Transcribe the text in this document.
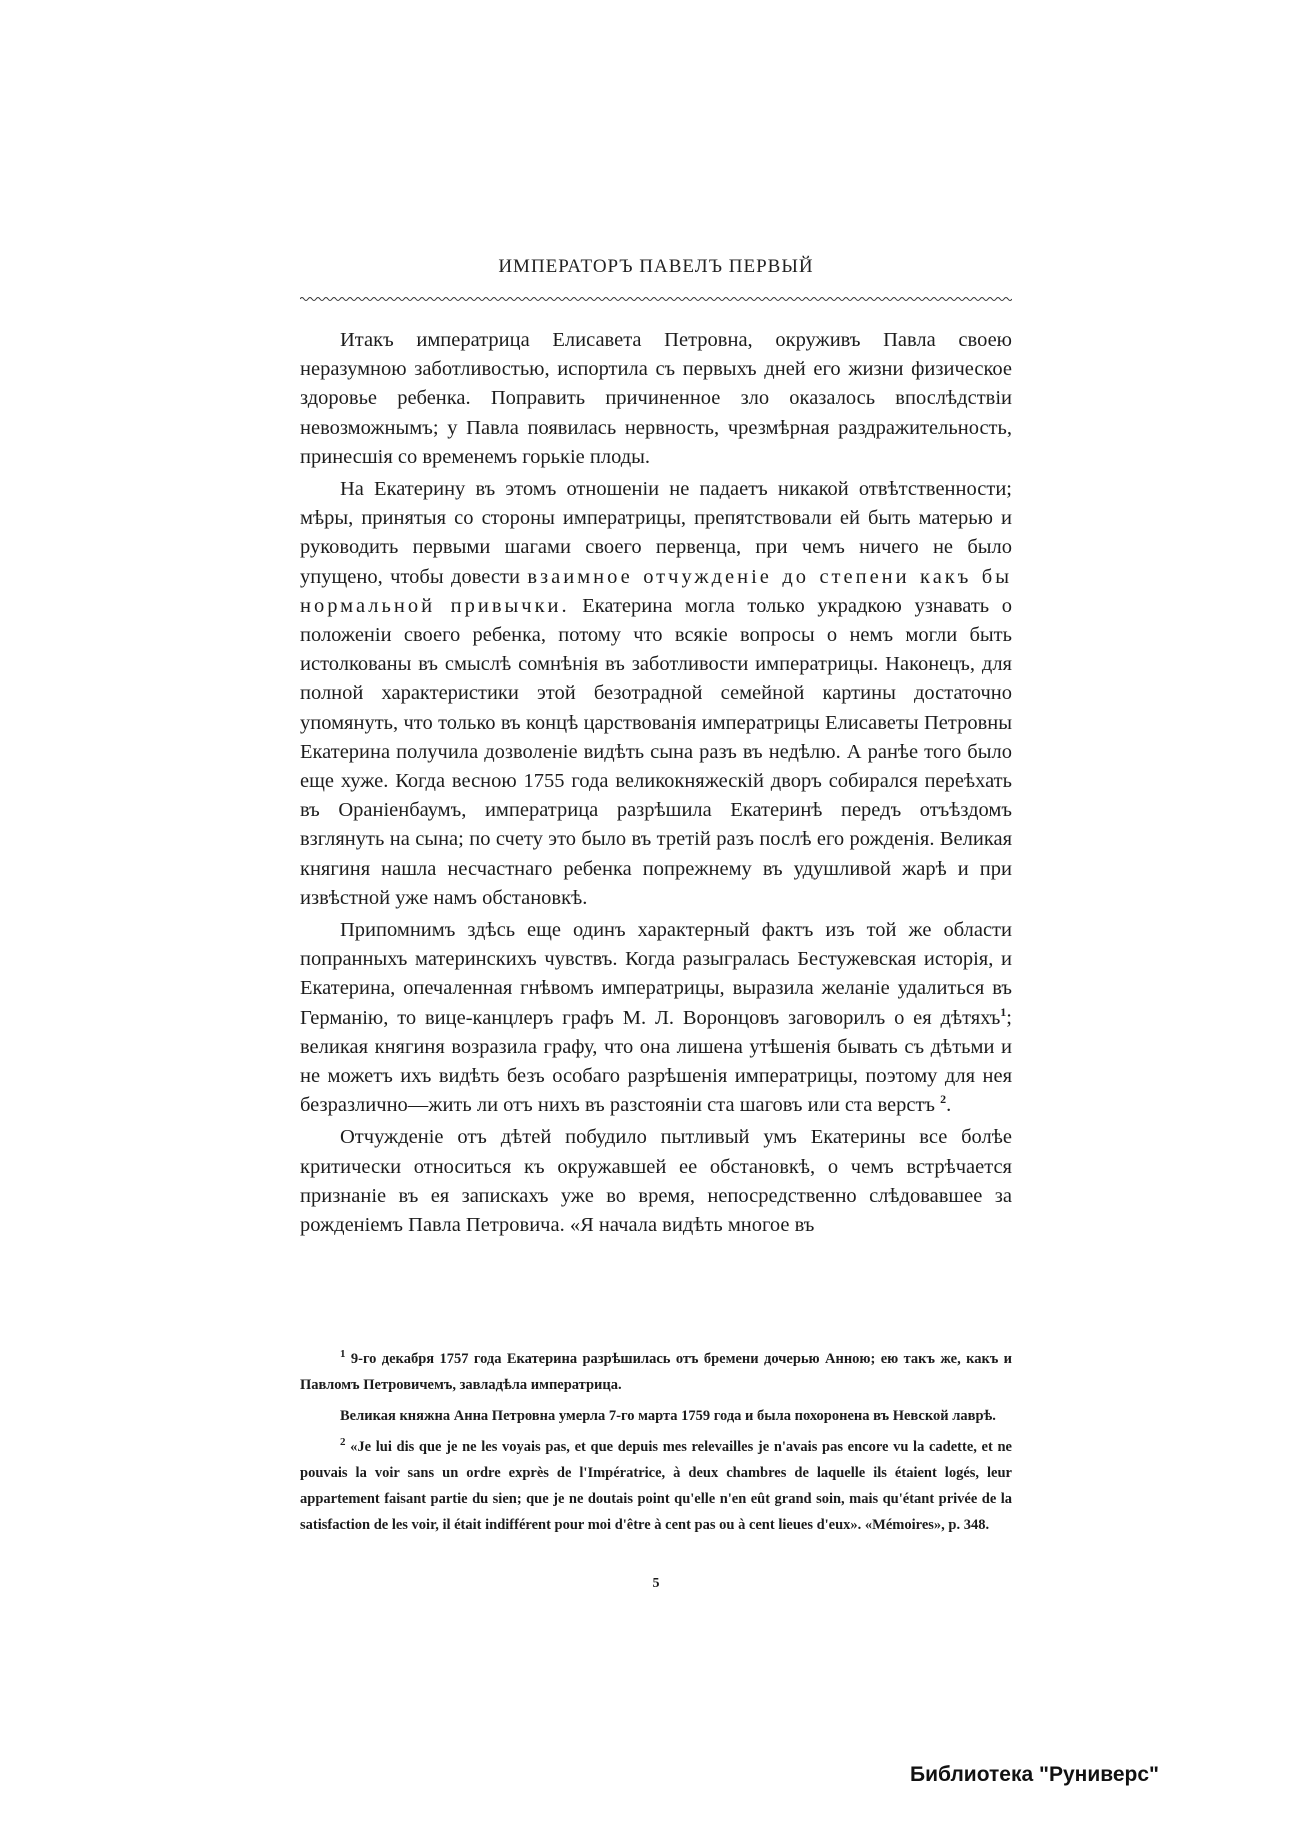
ИМПЕРАТОРЪ ПАВЕЛЪ ПЕРВЫЙ

Итакъ императрица Елисавета Петровна, окруживъ Павла своею неразумною заботливостью, испортила съ первыхъ дней его жизни физическое здоровье ребенка. Поправить причиненное зло оказалось впослѣдствіи невозможнымъ; у Павла появилась нервность, чрезмѣрная раздражительность, принесшія со временемъ горькіе плоды.

На Екатерину въ этомъ отношеніи не падаетъ никакой отвѣтственности; мѣры, принятыя со стороны императрицы, препятствовали ей быть матерью и руководить первыми шагами своего первенца, при чемъ ничего не было упущено, чтобы довести взаимное отчужденіе до степени какъ бы нормальной привычки. Екатерина могла только украдкою узнавать о положеніи своего ребенка, потому что всякіе вопросы о немъ могли быть истолкованы въ смыслѣ сомнѣнія въ заботливости императрицы. Наконецъ, для полной характеристики этой безотрадной семейной картины достаточно упомянуть, что только въ концѣ царствованія императрицы Елисаветы Петровны Екатерина получила дозволеніе видѣть сына разъ въ недѣлю. А ранѣе того было еще хуже. Когда весною 1755 года великокняжескій дворъ собирался переѣхать въ Ораніенбаумъ, императрица разрѣшила Екатеринѣ передъ отъѣздомъ взглянуть на сына; по счету это было въ третій разъ послѣ его рожденія. Великая княгиня нашла несчастнаго ребенка попрежнему въ удушливой жарѣ и при извѣстной уже намъ обстановкѣ.

Припомнимъ здѣсь еще одинъ характерный фактъ изъ той же области попранныхъ материнскихъ чувствъ. Когда разыгралась Бестужевская исторія, и Екатерина, опечаленная гнѣвомъ императрицы, выразила желаніе удалиться въ Германію, то вице-канцлеръ графъ М. Л. Воронцовъ заговорилъ о ея дѣтяхъ$^1$; великая княгиня возразила графу, что она лишена утѣшенія бывать съ дѣтьми и не можетъ ихъ видѣть безъ особаго разрѣшенія императрицы, поэтому для нея безразлично—жить ли отъ нихъ въ разстояніи ста шаговъ или ста верстъ $^2$.

Отчужденіе отъ дѣтей побудило пытливый умъ Екатерины все болѣе критически относиться къ окружавшей ее обстановкѣ, о чемъ встрѣчается признаніе въ ея запискахъ уже во время, непосредственно слѣдовавшее за рожденіемъ Павла Петровича. «Я начала видѣть многое въ

$^1$ 9-го декабря 1757 года Екатерина разрѣшилась отъ бремени дочерью Анною; ею такъ же, какъ и Павломъ Петровичемъ, завладѣла императрица.

Великая княжна Анна Петровна умерла 7-го марта 1759 года и была похоронена въ Невской лаврѣ.

$^2$ «Je lui dis que je ne les voyais pas, et que depuis mes relevailles je n'avais pas encore vu la cadette, et ne pouvais la voir sans un ordre exprès de l'Impératrice, à deux chambres de laquelle ils étaient logés, leur appartement faisant partie du sien; que je ne doutais point qu'elle n'en eût grand soin, mais qu'étant privée de la satisfaction de les voir, il était indifférent pour moi d'être à cent pas ou à cent lieues d'eux». «Mémoires», p. 348.

5
Библиотека "Руниверс"
